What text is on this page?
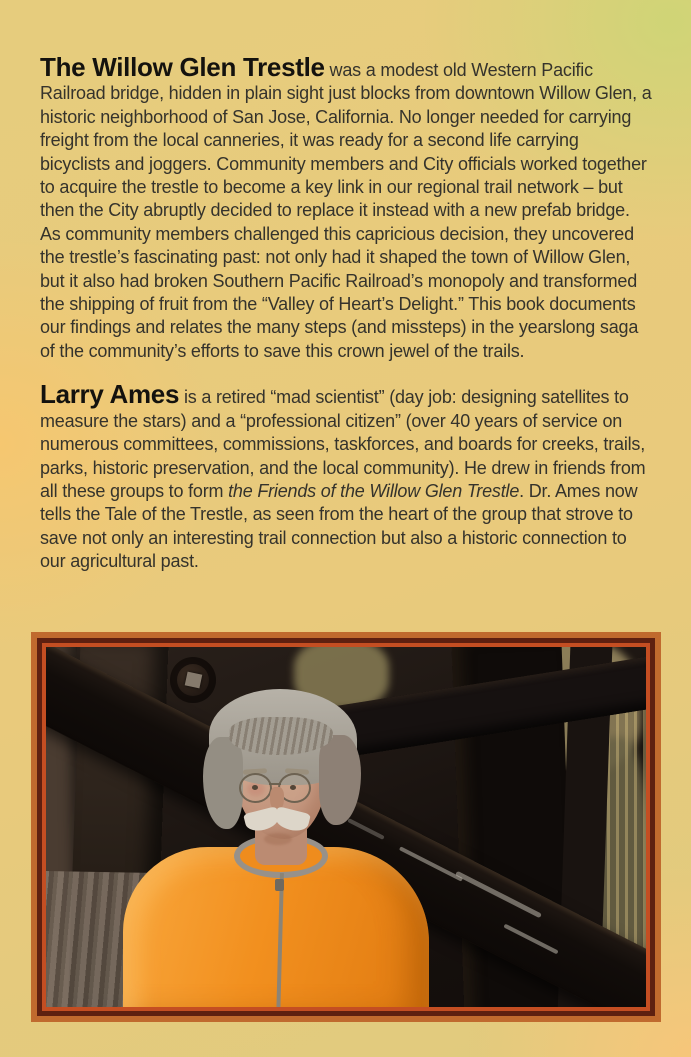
The Willow Glen Trestle was a modest old Western Pacific Railroad bridge, hidden in plain sight just blocks from downtown Willow Glen, a historic neighborhood of San Jose, California. No longer needed for carrying freight from the local canneries, it was ready for a second life carrying bicyclists and joggers. Community members and City officials worked together to acquire the trestle to become a key link in our regional trail network – but then the City abruptly decided to replace it instead with a new prefab bridge. As community members challenged this capricious decision, they uncovered the trestle’s fascinating past: not only had it shaped the town of Willow Glen, but it also had broken Southern Pacific Railroad’s monopoly and transformed the shipping of fruit from the “Valley of Heart’s Delight.” This book documents our findings and relates the many steps (and missteps) in the yearslong saga of the community’s efforts to save this crown jewel of the trails.

Larry Ames is a retired “mad scientist” (day job: designing satellites to measure the stars) and a “professional citizen” (over 40 years of service on numerous committees, commissions, taskforces, and boards for creeks, trails, parks, historic preservation, and the local community). He drew in friends from all these groups to form the Friends of the Willow Glen Trestle. Dr. Ames now tells the Tale of the Trestle, as seen from the heart of the group that strove to save not only an interesting trail connection but also a historic connection to our agricultural past.
